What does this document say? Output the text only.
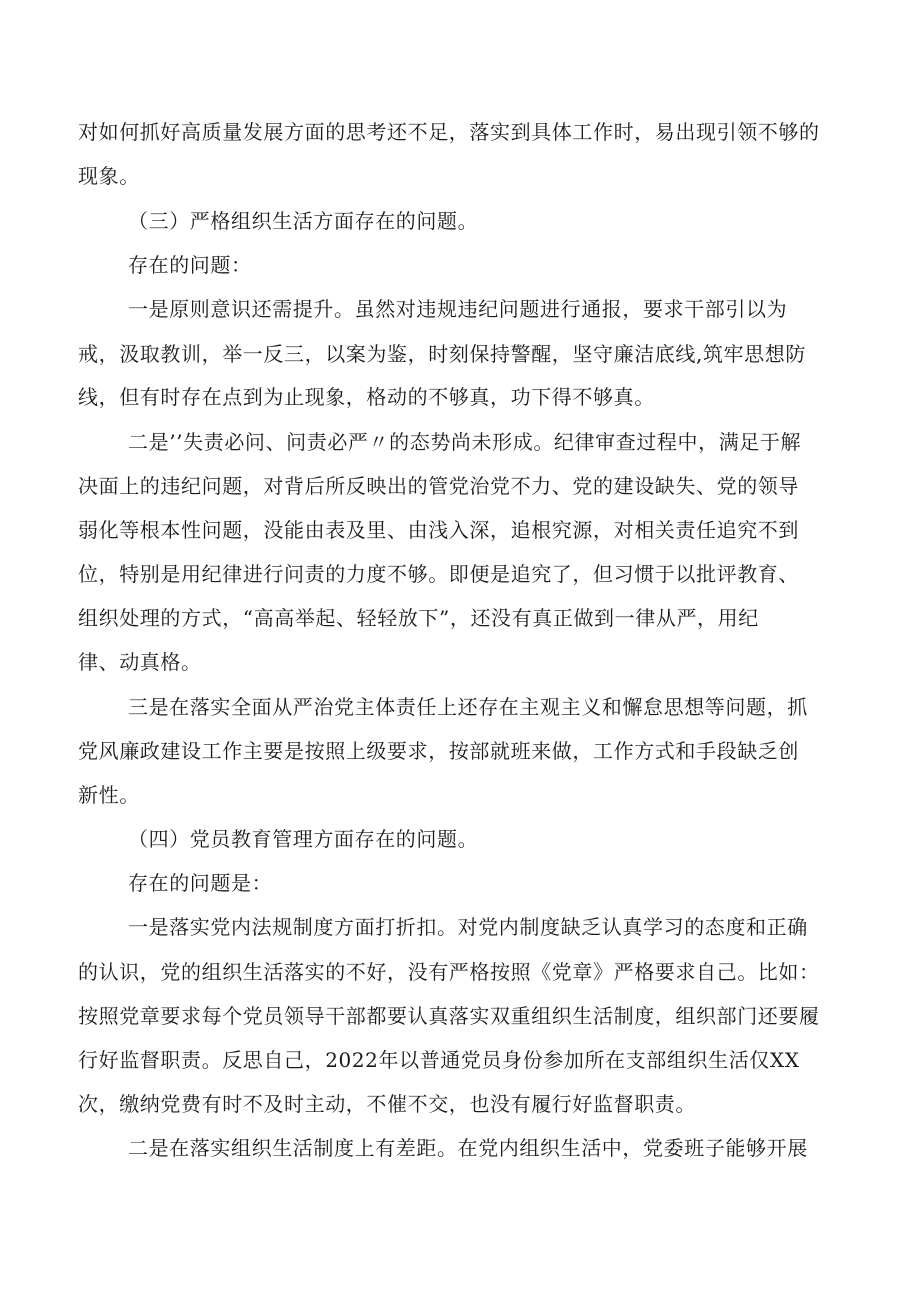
对如何抓好高质量发展方面的思考还不足，落实到具体工作时，易出现引领不够的
现象。
（三）严格组织生活方面存在的问题。
存在的问题：
一是原则意识还需提升。虽然对违规违纪问题进行通报，要求干部引以为
戒，汲取教训，举一反三，以案为鉴，时刻保持警醒，坚守廉洁底线,筑牢思想防
线，但有时存在点到为止现象，格动的不够真，功下得不够真。
二是’’失责必问、问责必严〃的态势尚未形成。纪律审查过程中，满足于解
决面上的违纪问题，对背后所反映出的管党治党不力、党的建设缺失、党的领导
弱化等根本性问题，没能由表及里、由浅入深，追根究源，对相关责任追究不到
位，特别是用纪律进行问责的力度不够。即便是追究了，但习惯于以批评教育、
组织处理的方式，“高高举起、轻轻放下”，还没有真正做到一律从严，用纪
律、动真格。
三是在落实全面从严治党主体责任上还存在主观主义和懈怠思想等问题，抓
党风廉政建设工作主要是按照上级要求，按部就班来做，工作方式和手段缺乏创
新性。
（四）党员教育管理方面存在的问题。
存在的问题是：
一是落实党内法规制度方面打折扣。对党内制度缺乏认真学习的态度和正确
的认识，党的组织生活落实的不好，没有严格按照《党章》严格要求自己。比如：
按照党章要求每个党员领导干部都要认真落实双重组织生活制度，组织部门还要履
行好监督职责。反思自己，2022年以普通党员身份参加所在支部组织生活仅XX
次，缴纳党费有时不及时主动，不催不交，也没有履行好监督职责。
二是在落实组织生活制度上有差距。在党内组织生活中，党委班子能够开展
